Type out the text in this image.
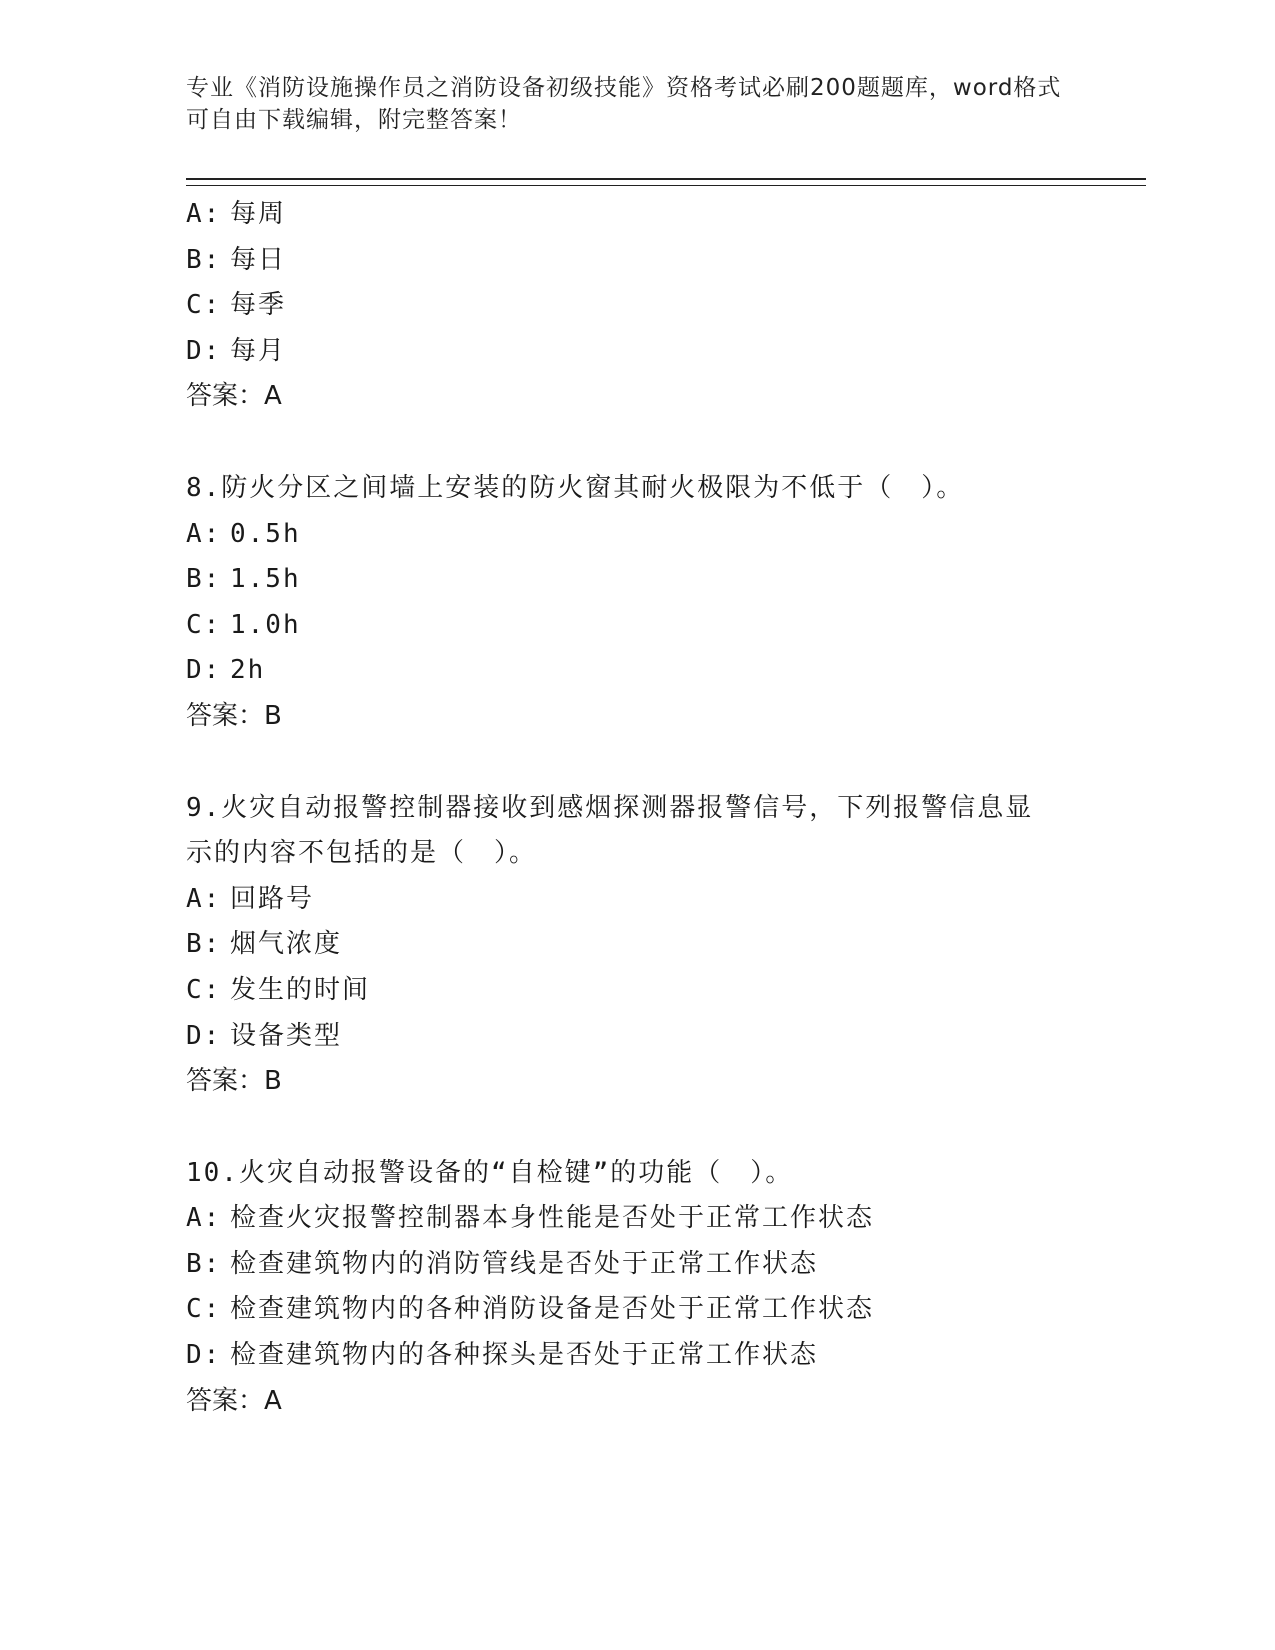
专业《消防设施操作员之消防设备初级技能》资格考试必刷200题题库，word格式可自由下载编辑，附完整答案！
A: 每周
B: 每日
C: 每季
D: 每月
答案：A
8.防火分区之间墙上安装的防火窗其耐火极限为不低于（　）。
A: 0.5h
B: 1.5h
C: 1.0h
D: 2h
答案：B
9.火灾自动报警控制器接收到感烟探测器报警信号，下列报警信息显
示的内容不包括的是（　）。
A: 回路号
B: 烟气浓度
C: 发生的时间
D: 设备类型
答案：B
10.火灾自动报警设备的“自检键”的功能（　）。
A: 检查火灾报警控制器本身性能是否处于正常工作状态
B: 检查建筑物内的消防管线是否处于正常工作状态
C: 检查建筑物内的各种消防设备是否处于正常工作状态
D: 检查建筑物内的各种探头是否处于正常工作状态
答案：A
